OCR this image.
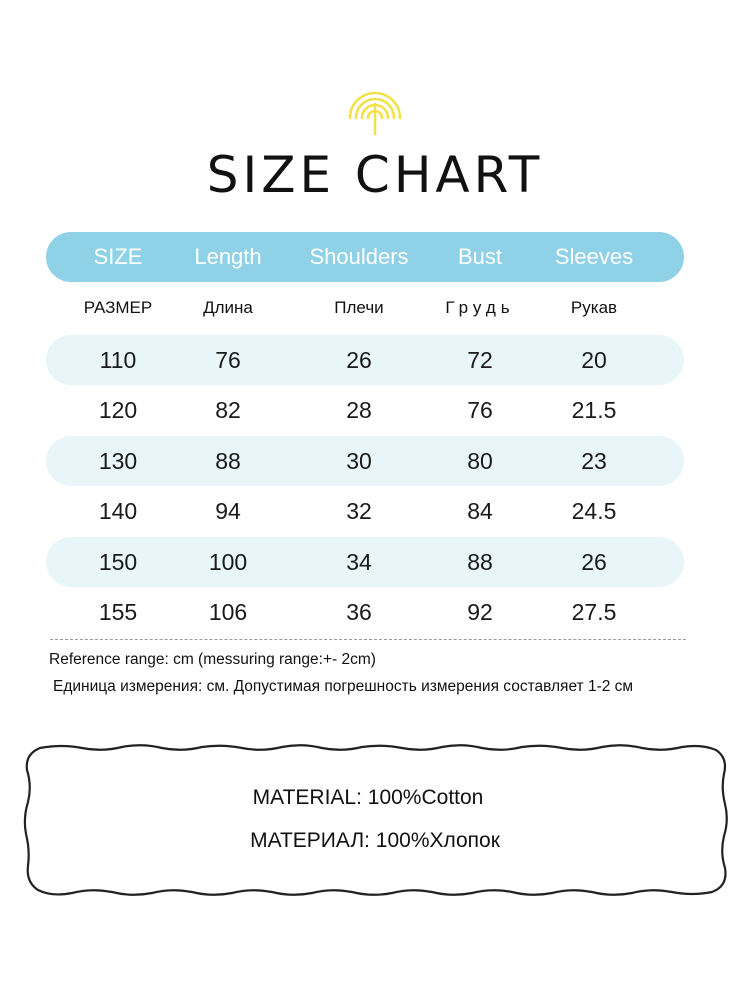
SIZE CHART
SIZE	Length	Shoulders	Bust	Sleeves
РАЗМЕР	Длина	Плечи	Грудь	Рукав
110	76	26	72	20
120	82	28	76	21.5
130	88	30	80	23
140	94	32	84	24.5
150	100	34	88	26
155	106	36	92	27.5
Reference range: cm (messuring range:+- 2cm)
Единица измерения: см. Допустимая погрешность измерения составляет 1-2 см
MATERIAL: 100%Cotton
МАТЕРИАЛ: 100%Хлопок
